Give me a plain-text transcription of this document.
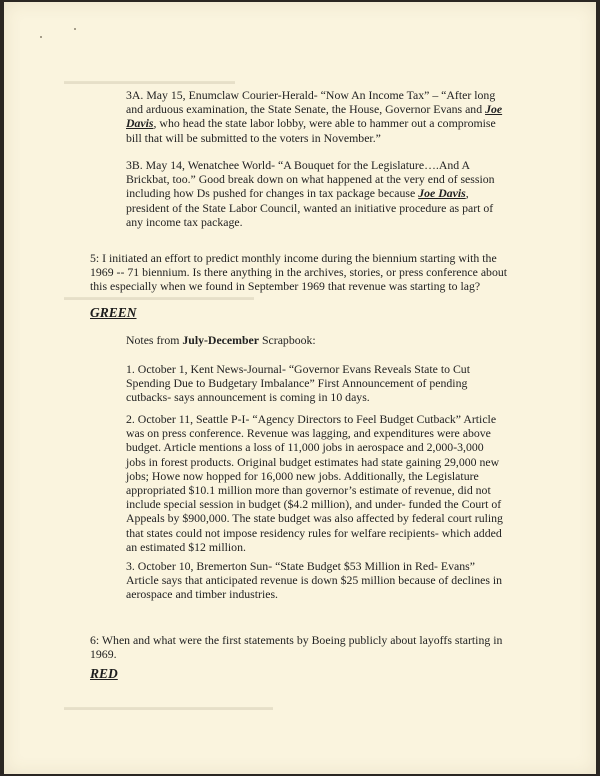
▬▬▬▬▬▬▬▬▬▬▬▬▬▬▬▬▬▬
▬▬▬▬▬▬▬▬▬▬▬▬▬▬▬▬▬▬▬▬
▬▬▬▬▬▬▬▬▬▬▬▬▬▬▬▬▬▬▬▬▬▬

3A. May 15, Enumclaw Courier-Herald- “Now An Income Tax” – “After long and arduous examination, the State Senate, the House, Governor Evans and Joe Davis, who head the state labor lobby, were able to hammer out a compromise bill that will be submitted to the voters in November.”

3B. May 14, Wenatchee World- “A Bouquet for the Legislature….And A Brickbat, too.” Good break down on what happened at the very end of session including how Ds pushed for changes in tax package because Joe Davis, president of the State Labor Council, wanted an initiative procedure as part of any income tax package.

5: I initiated an effort to predict monthly income during the biennium starting with the 1969 -- 71 biennium. Is there anything in the archives, stories, or press conference about this especially when we found in September 1969 that revenue was starting to lag?

GREEN

Notes from July-December Scrapbook:

1. October 1, Kent News-Journal- “Governor Evans Reveals State to Cut Spending Due to Budgetary Imbalance” First Announcement of pending cutbacks- says announcement is coming in 10 days.

2. October 11, Seattle P-I- “Agency Directors to Feel Budget Cutback” Article was on press conference. Revenue was lagging, and expenditures were above budget. Article mentions a loss of 11,000 jobs in aerospace and 2,000-3,000 jobs in forest products. Original budget estimates had state gaining 29,000 new jobs; Howe now hopped for 16,000 new jobs. Additionally, the Legislature appropriated $10.1 million more than governor’s estimate of revenue, did not include special session in budget ($4.2 million), and under- funded the Court of Appeals by $900,000. The state budget was also affected by federal court ruling that states could not impose residency rules for welfare recipients- which added an estimated $12 million.

3. October 10, Bremerton Sun- “State Budget $53 Million in Red- Evans” Article says that anticipated revenue is down $25 million because of declines in aerospace and timber industries.

6: When and what were the first statements by Boeing publicly about layoffs starting in 1969.

RED
